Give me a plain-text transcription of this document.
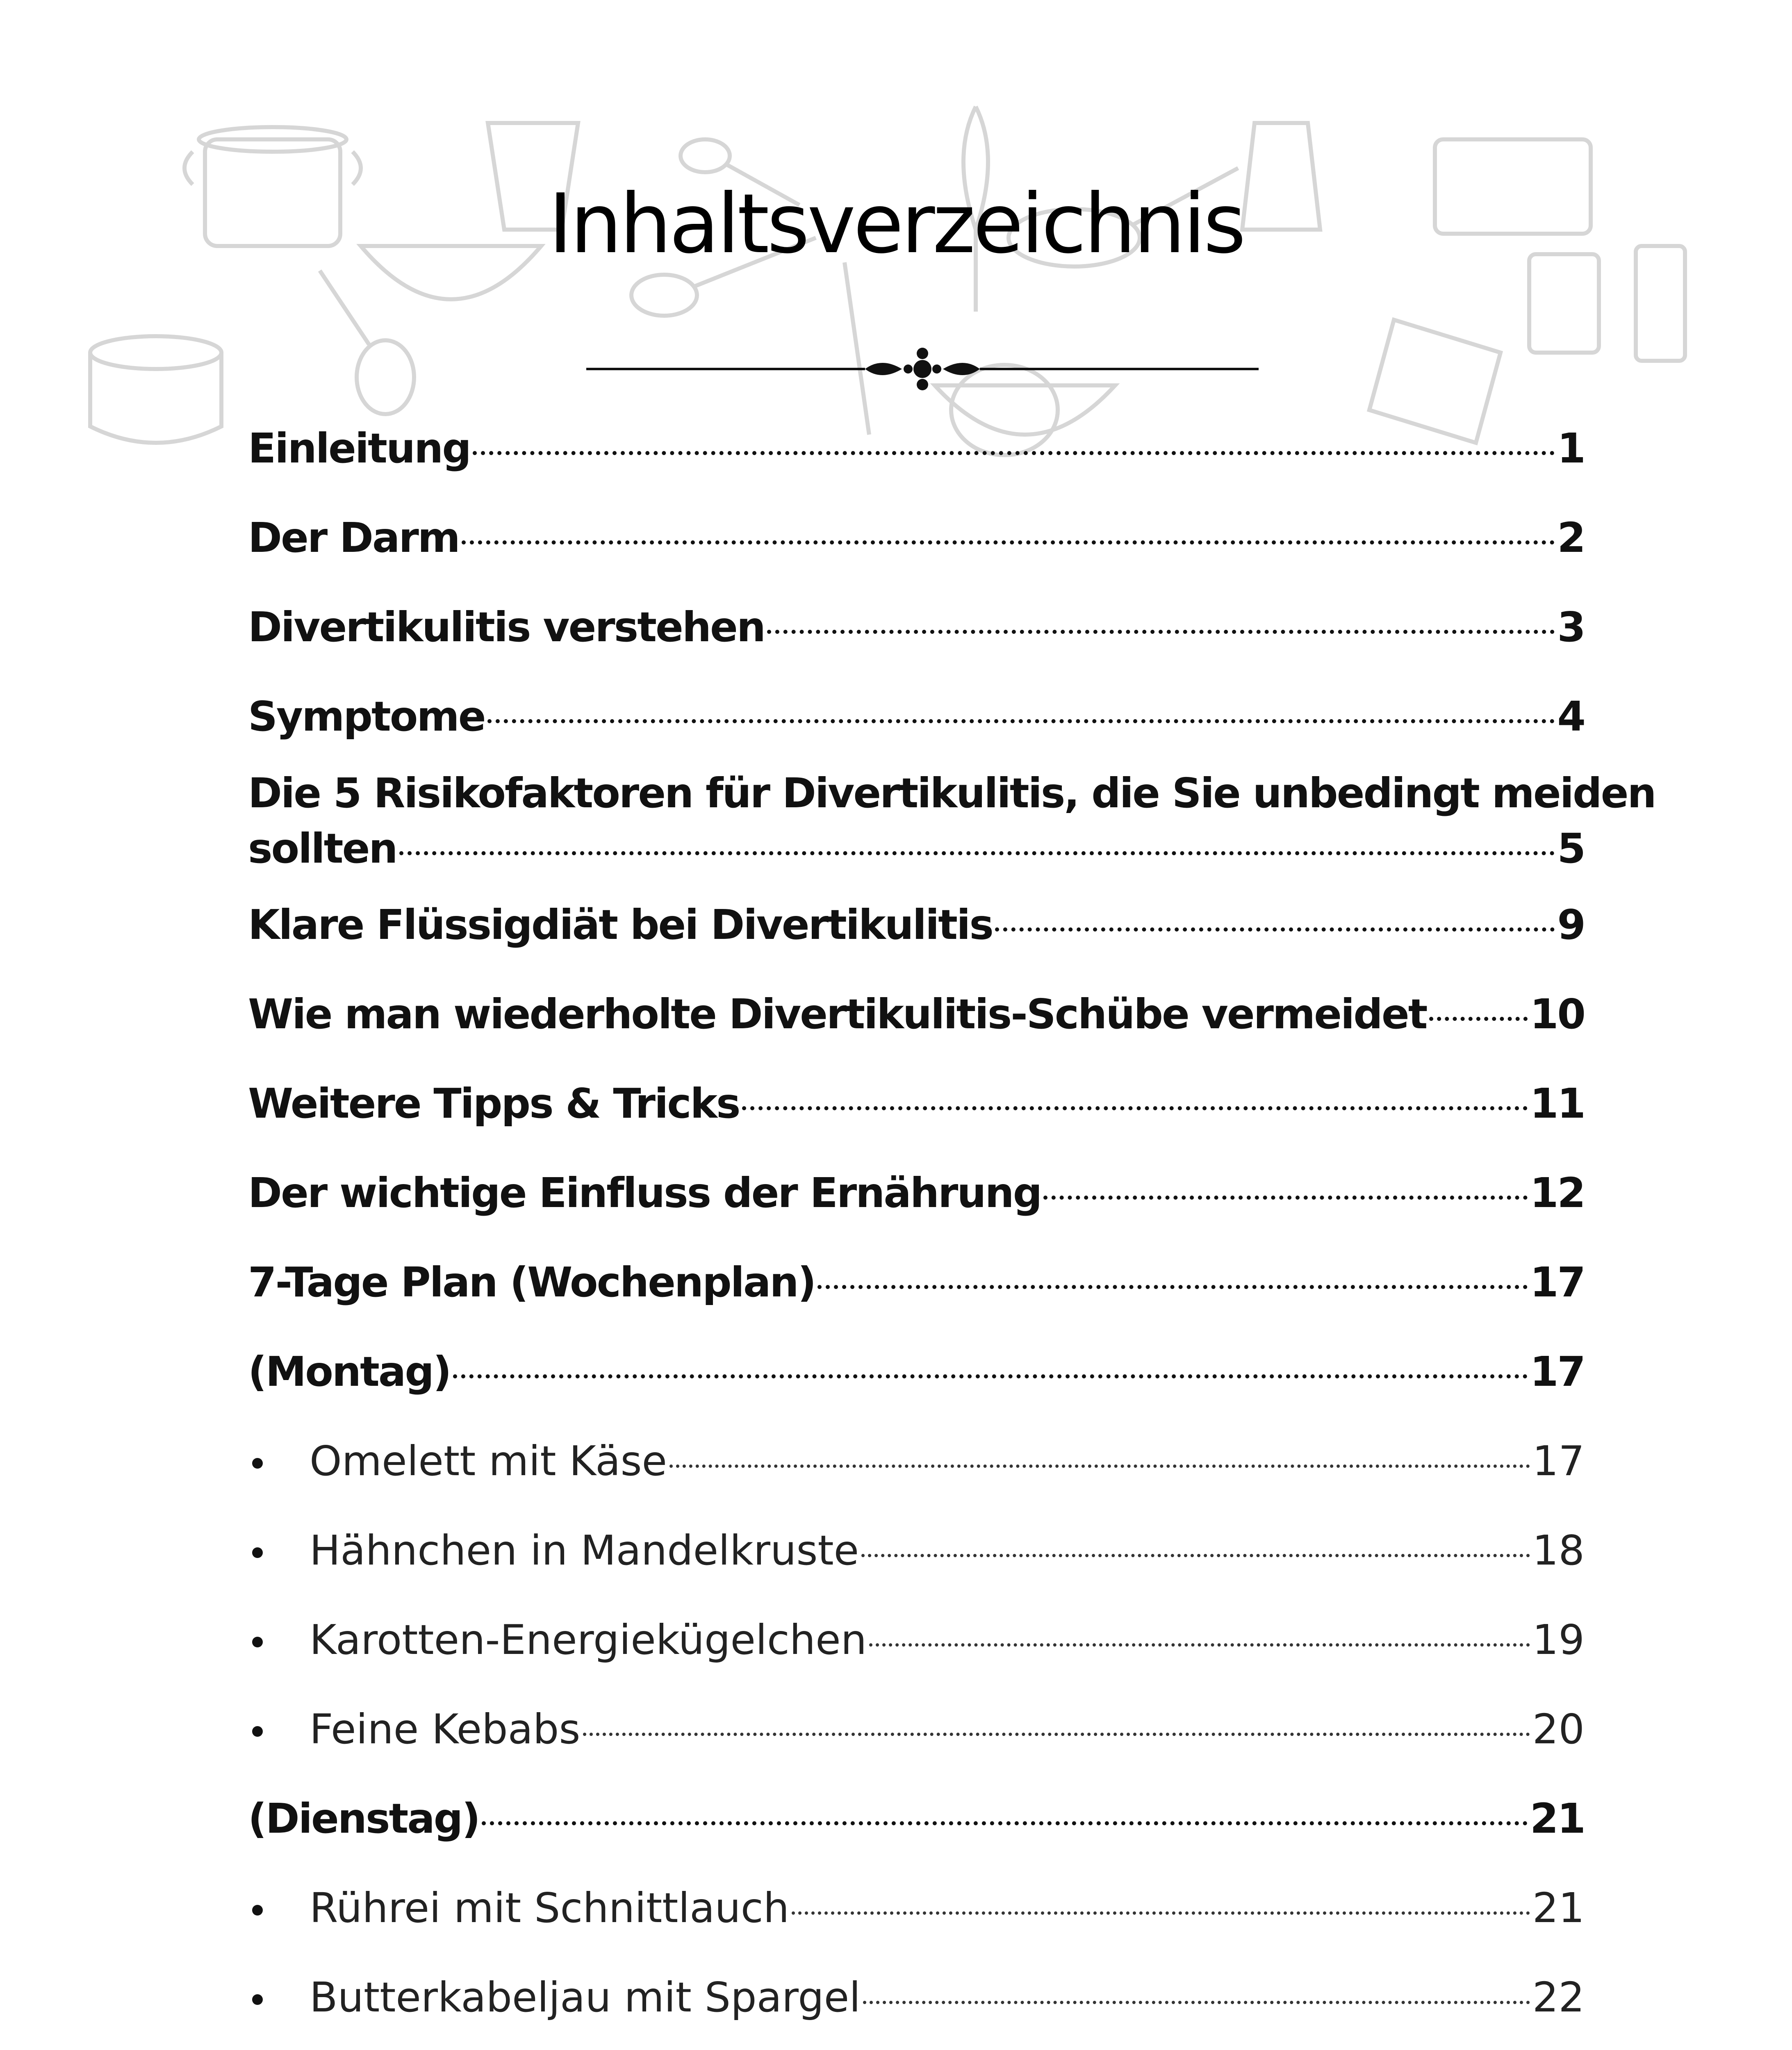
Inhaltsverzeichnis
Einleitung	1
Der Darm	2
Divertikulitis verstehen	3
Symptome	4
Die 5 Risikofaktoren für Divertikulitis, die Sie unbedingt meiden
sollten	5
Klare Flüssigdiät bei Divertikulitis	9
Wie man wiederholte Divertikulitis-Schübe vermeidet	10
Weitere Tipps & Tricks	11
Der wichtige Einfluss der Ernährung	12
7-Tage Plan (Wochenplan)	17
(Montag)	17
Omelett mit Käse	17
Hähnchen in Mandelkruste	18
Karotten-Energiekügelchen	19
Feine Kebabs	20
(Dienstag)	21
Rührei mit Schnittlauch	21
Butterkabeljau mit Spargel	22
